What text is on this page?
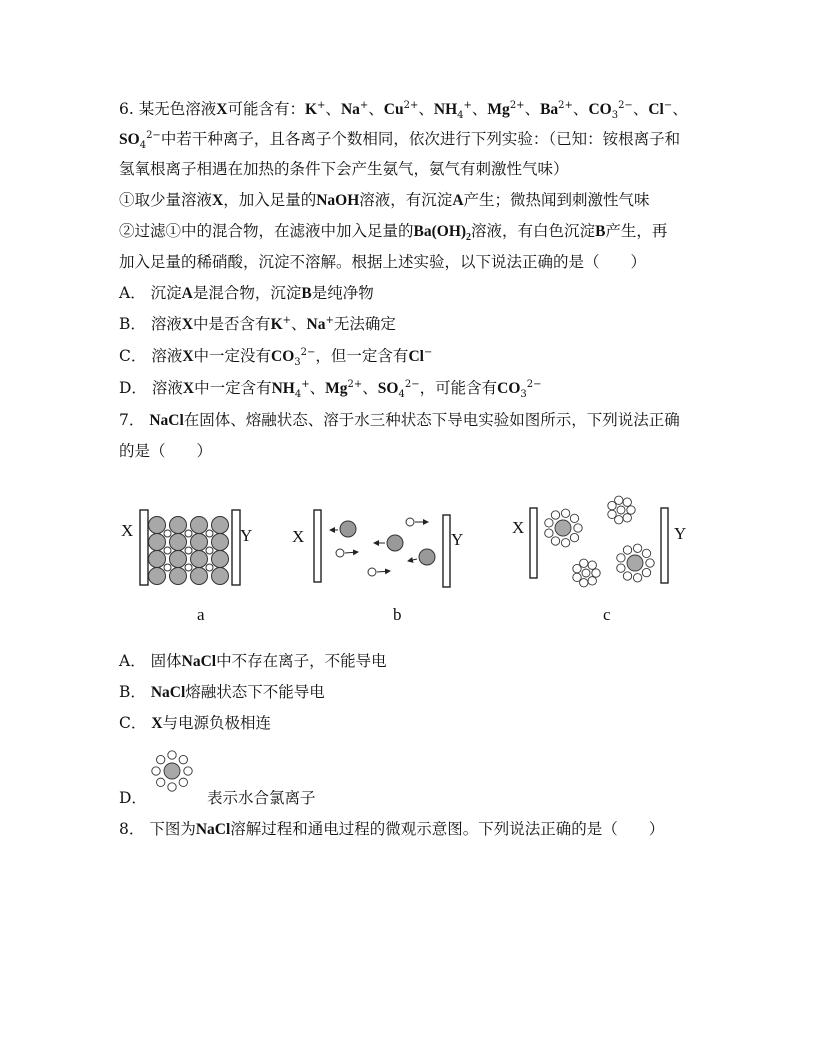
6. 某无色溶液X可能含有：K+、Na+、$Cu^{2+}$、$NH_4^+$、$Mg^{2+}$、$Ba^{2+}$、$CO_3^{2-}$、Cl−、
$SO_4^{2-}$中若干种离子，且各离子个数相同，依次进行下列实验：（已知：铵根离子和
氢氧根离子相遇在加热的条件下会产生氨气，氨气有刺激性气味）
①取少量溶液X，加入足量的NaOH溶液，有沉淀A产生；微热闻到刺激性气味
②过滤①中的混合物，在滤液中加入足量的$Ba(OH)_2$溶液，有白色沉淀B产生，再
加入足量的稀硝酸，沉淀不溶解。根据上述实验，以下说法正确的是（　　）
A． 沉淀A是混合物，沉淀B是纯净物
B． 溶液X中是否含有K+、Na+无法确定
C． 溶液X中一定没有$CO_3^{2-}$，但一定含有Cl−
D． 溶液X中一定含有$NH_4^+$、$Mg^{2+}$、$SO_4^{2-}$，可能含有$CO_3^{2-}$
7． NaCl在固体、熔融状态、溶于水三种状态下导电实验如图所示，下列说法正确
的是（　　）
X	Y
a
X	Y
b
X	Y
c
A． 固体NaCl中不存在离子，不能导电
B． NaCl熔融状态下不能导电
C． X与电源负极相连
D．	表示水合氯离子
8． 下图为NaCl溶解过程和通电过程的微观示意图。下列说法正确的是（　　）
